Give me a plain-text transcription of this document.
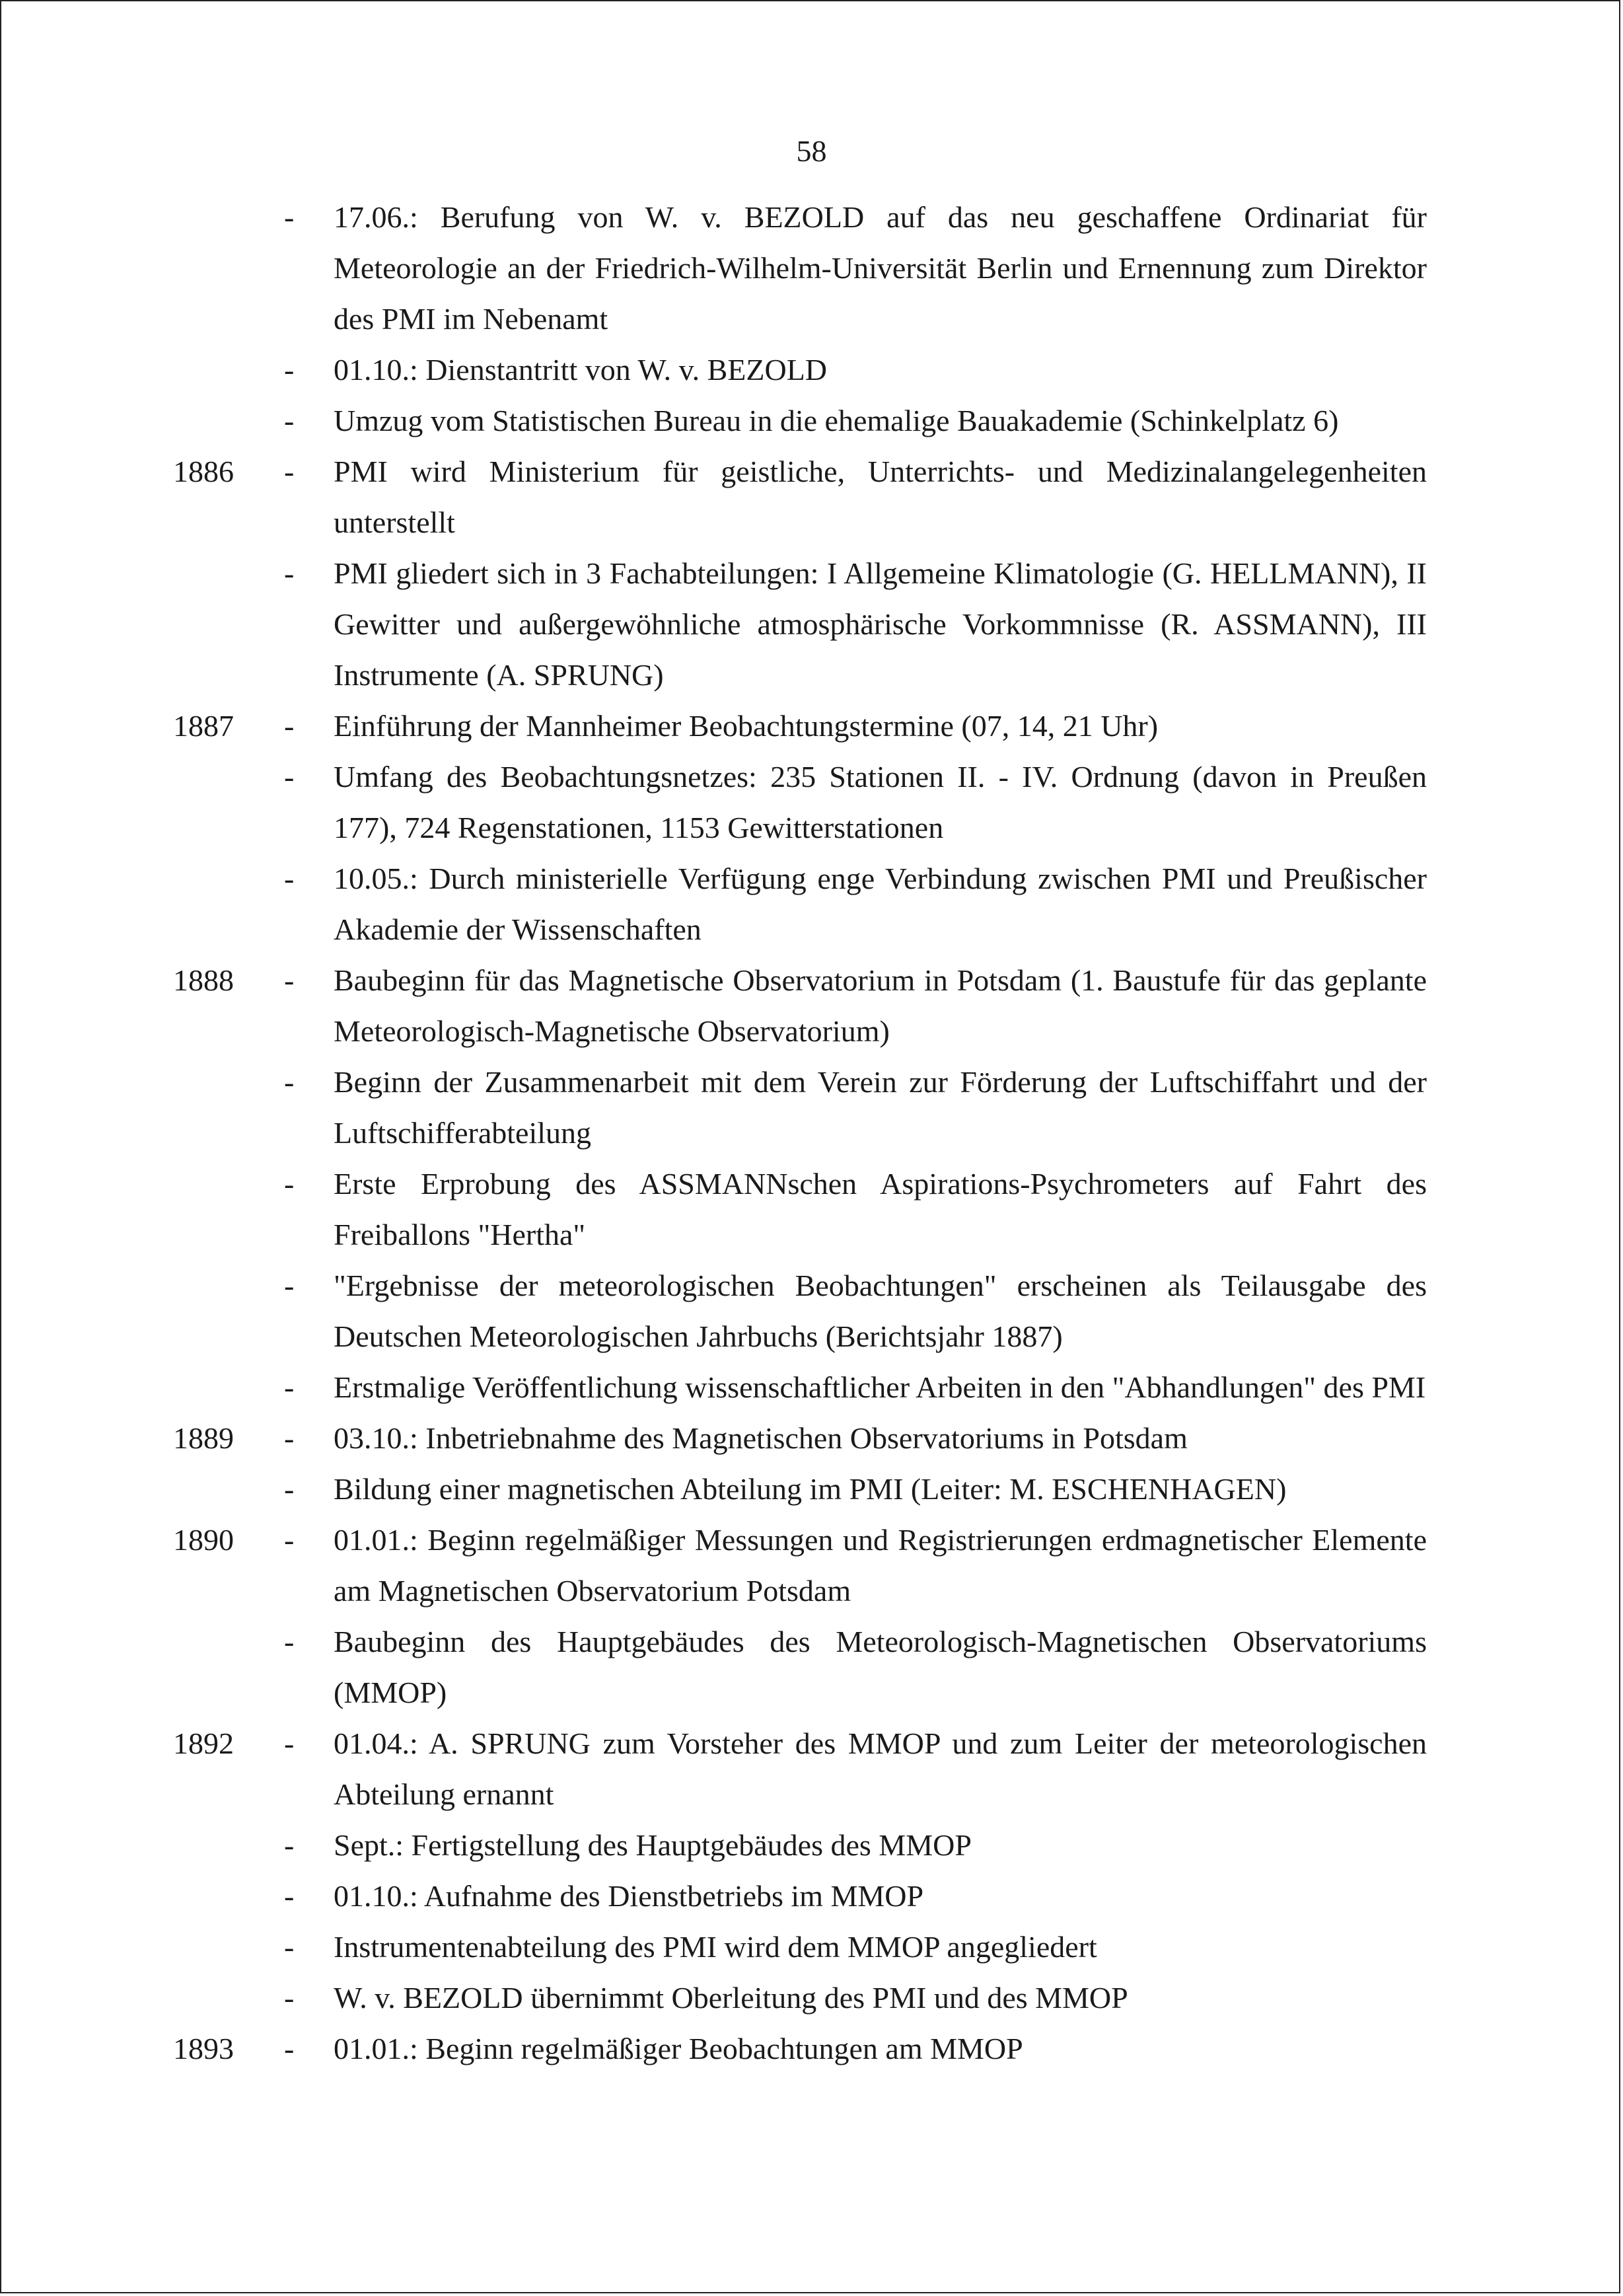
58
- 17.06.: Berufung von W. v. BEZOLD auf das neu geschaffene Ordinariat für Meteorologie an der Friedrich-Wilhelm-Universität Berlin und Ernennung zum Direktor des PMI im Nebenamt
- 01.10.: Dienstantritt von W. v. BEZOLD
- Umzug vom Statistischen Bureau in die ehemalige Bauakademie (Schinkelplatz 6)
1886	- PMI wird Ministerium für geistliche, Unterrichts- und Medizinalangelegenheiten unterstellt
- PMI gliedert sich in 3 Fachabteilungen: I Allgemeine Klimatologie (G. HELLMANN), II Gewitter und außergewöhnliche atmosphärische Vorkommnisse (R. ASSMANN), III Instrumente (A. SPRUNG)
1887	- Einführung der Mannheimer Beobachtungstermine (07, 14, 21 Uhr)
- Umfang des Beobachtungsnetzes: 235 Stationen II. - IV. Ordnung (davon in Preußen 177), 724 Regenstationen, 1153 Gewitterstationen
- 10.05.: Durch ministerielle Verfügung enge Verbindung zwischen PMI und Preußischer Akademie der Wissenschaften
1888	- Baubeginn für das Magnetische Observatorium in Potsdam (1. Baustufe für das geplante Meteorologisch-Magnetische Observatorium)
- Beginn der Zusammenarbeit mit dem Verein zur Förderung der Luftschiffahrt und der Luftschifferabteilung
- Erste Erprobung des ASSMANNschen Aspirations-Psychrometers auf Fahrt des Freiballons "Hertha"
- "Ergebnisse der meteorologischen Beobachtungen" erscheinen als Teilausgabe des Deutschen Meteorologischen Jahrbuchs (Berichtsjahr 1887)
- Erstmalige Veröffentlichung wissenschaftlicher Arbeiten in den "Abhandlungen" des PMI
1889	- 03.10.: Inbetriebnahme des Magnetischen Observatoriums in Potsdam
- Bildung einer magnetischen Abteilung im PMI (Leiter: M. ESCHENHAGEN)
1890	- 01.01.: Beginn regelmäßiger Messungen und Registrierungen erdmagnetischer Elemente am Magnetischen Observatorium Potsdam
- Baubeginn des Hauptgebäudes des Meteorologisch-Magnetischen Observatoriums (MMOP)
1892	- 01.04.: A. SPRUNG zum Vorsteher des MMOP und zum Leiter der meteorologischen Abteilung ernannt
- Sept.: Fertigstellung des Hauptgebäudes des MMOP
- 01.10.: Aufnahme des Dienstbetriebs im MMOP
- Instrumentenabteilung des PMI wird dem MMOP angegliedert
- W. v. BEZOLD übernimmt Oberleitung des PMI und des MMOP
1893	- 01.01.: Beginn regelmäßiger Beobachtungen am MMOP
